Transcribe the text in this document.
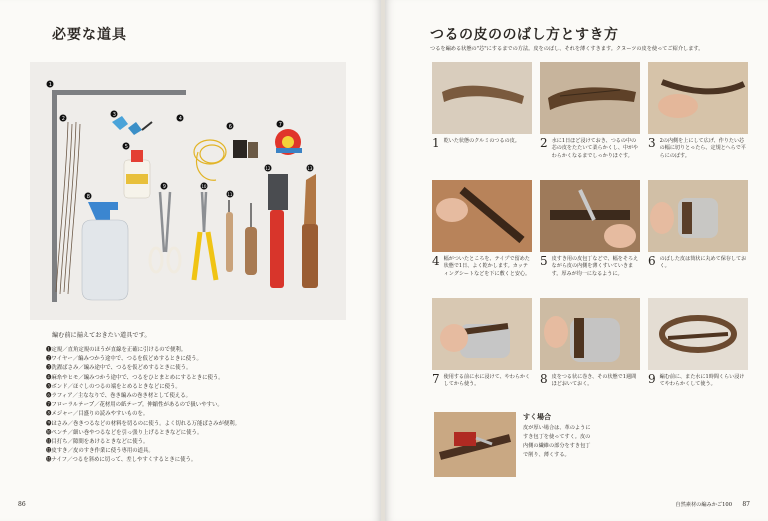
必要な道具
1
2
3
4
5
6	7
8
9	10
11
12	13
編む前に揃えておきたい道具です。
❶定規／直角定規のほうが直線を正確に引けるので便利。
❷ワイヤー／編みつかう途中で、つるを仮どめするときに使う。
❸洗濯ばさみ／編み途中で、つるを仮どめするときに使う。
❹麻糸やヒモ／編みつかう途中で、つるをひとまとめにするときに使う。
❺ボンド／ほぐしのつるの端をとめるときなどに使う。
❻ラフィア／主ななりで、巻き編みの巻き材として使える。
❼フローラルテープ／花材用の紙テープ。伸縮性があるので扱いやすい。
❽メジャー／目盛りの読みやすいものを。
❾はさみ／巻きつるなどの材料を切るのに使う。よく切れる万能ばさみが便利。
❿ペンチ／細い巻やつるなどを引っ張り上げるときなどに使う。
⓫目打ち／隙間をあけるときなどに使う。
⓬皮すき／皮のすき作業に使う専用の道具。
⓭ナイフ／つるを斜めに切って、差しやすくするときに使う。
86
つるの皮ののばし方とすき方
つるを編める状態の"芯"にするまでの方法。皮をのばし、それを薄くすきます。クヌーツの皮を使ってご紹介します。
1 乾いた状態のクルミのつるの皮。 2 水に1日ほど浸けておき、つるの中の芯の皮をたたいて柔らかくし、中がやわらかくなるまでしっかりほぐす。
3 2の内側を上にして広げ、作りたい芯の幅に切りとったら、定規とへらで平らにのばす。
4 幅がついたところを、テイプで留めた状態で1日、よく乾かします。カッティングシートなどを下に敷くと安心。
5 皮すき用の皮包丁などで、幅をそろえながら皮の内側を薄くすいていきます。厚みが均一になるように。
6 のばした皮は筒状に丸めて保存しておく。
7 使用する前に水に浸けて、やわらかくしてから使う。	8 皮をつる状に巻き、その状態で1週間ほどおいておく。	9 編む前に、また水に1時間くらい浸けてやわらかくして使う。
すく場合
皮が厚い場合は、革のようにすき包丁を使ってすく。皮の内側の繊維の部分をすき包丁で削り、薄くする。
自然素材の編みかご100 87
